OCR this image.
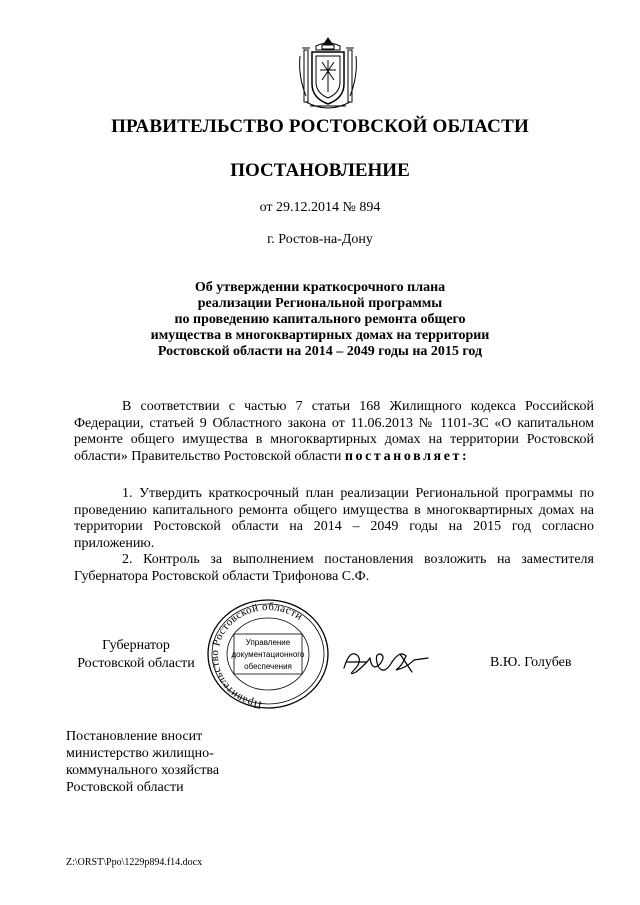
ПРАВИТЕЛЬСТВО РОСТОВСКОЙ ОБЛАСТИ
ПОСТАНОВЛЕНИЕ
от 29.12.2014 № 894
г. Ростов-на-Дону
Об утверждении краткосрочного плана
реализации Региональной программы
по проведению капитального ремонта общего
имущества в многоквартирных домах на территории
Ростовской области на 2014 – 2049 годы на 2015 год
В соответствии с частью 7 статьи 168 Жилищного кодекса Российской Федерации, статьей 9 Областного закона от 11.06.2013 № 1101-ЗС «О капитальном ремонте общего имущества в многоквартирных домах на территории Ростовской области» Правительство Ростовской области постановляет:
1. Утвердить краткосрочный план реализации Региональной программы по проведению капитального ремонта общего имущества в многоквартирных домах на территории Ростовской области на 2014 – 2049 годы на 2015 год согласно приложению.
2. Контроль за выполнением постановления возложить на заместителя Губернатора Ростовской области Трифонова С.Ф.
Губернатор
Ростовской области
Правительство Ростовской области
Управление
документационного
обеспечения	В.Ю. Голубев
Постановление вносит
министерство жилищно-
коммунального хозяйства
Ростовской области
Z:\ORST\Ppo\1229p894.f14.docx
